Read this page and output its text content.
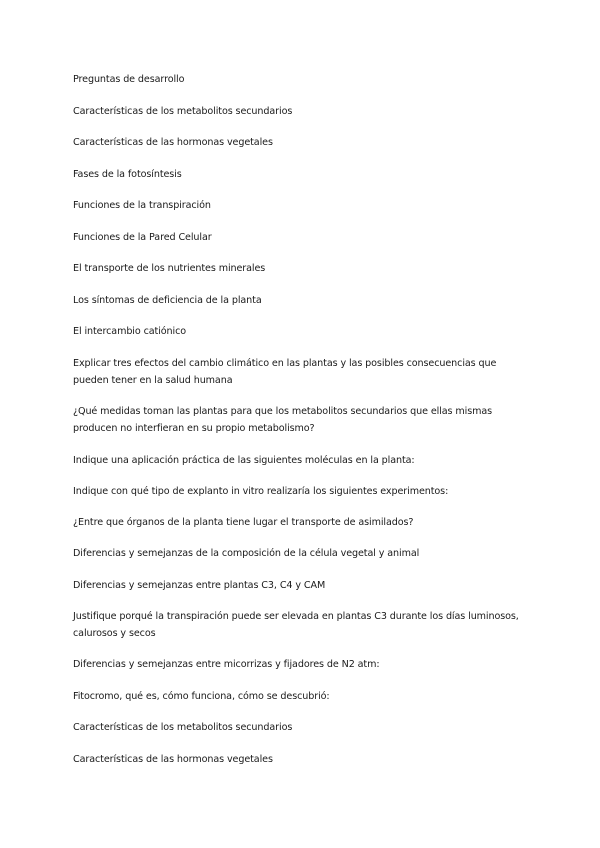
Preguntas de desarrollo
Características de los metabolitos secundarios
Características de las hormonas vegetales
Fases de la fotosíntesis
Funciones de la transpiración
Funciones de la Pared Celular
El transporte de los nutrientes minerales
Los síntomas de deficiencia de la planta
El intercambio catiónico
Explicar tres efectos del cambio climático en las plantas y las posibles consecuencias que pueden tener en la salud humana
¿Qué medidas toman las plantas para que los metabolitos secundarios que ellas mismas producen no interfieran en su propio metabolismo?
Indique una aplicación práctica de las siguientes moléculas en la planta:
Indique con qué tipo de explanto in vitro realizaría los siguientes experimentos:
¿Entre que órganos de la planta tiene lugar el transporte de asimilados?
Diferencias y semejanzas de la composición de la célula vegetal y animal
Diferencias y semejanzas entre plantas C3, C4 y CAM
Justifique porqué la transpiración puede ser elevada en plantas C3 durante los días luminosos, calurosos y secos
Diferencias y semejanzas entre micorrizas y fijadores de N2 atm:
Fitocromo, qué es, cómo funciona, cómo se descubrió:
Características de los metabolitos secundarios
Características de las hormonas vegetales
